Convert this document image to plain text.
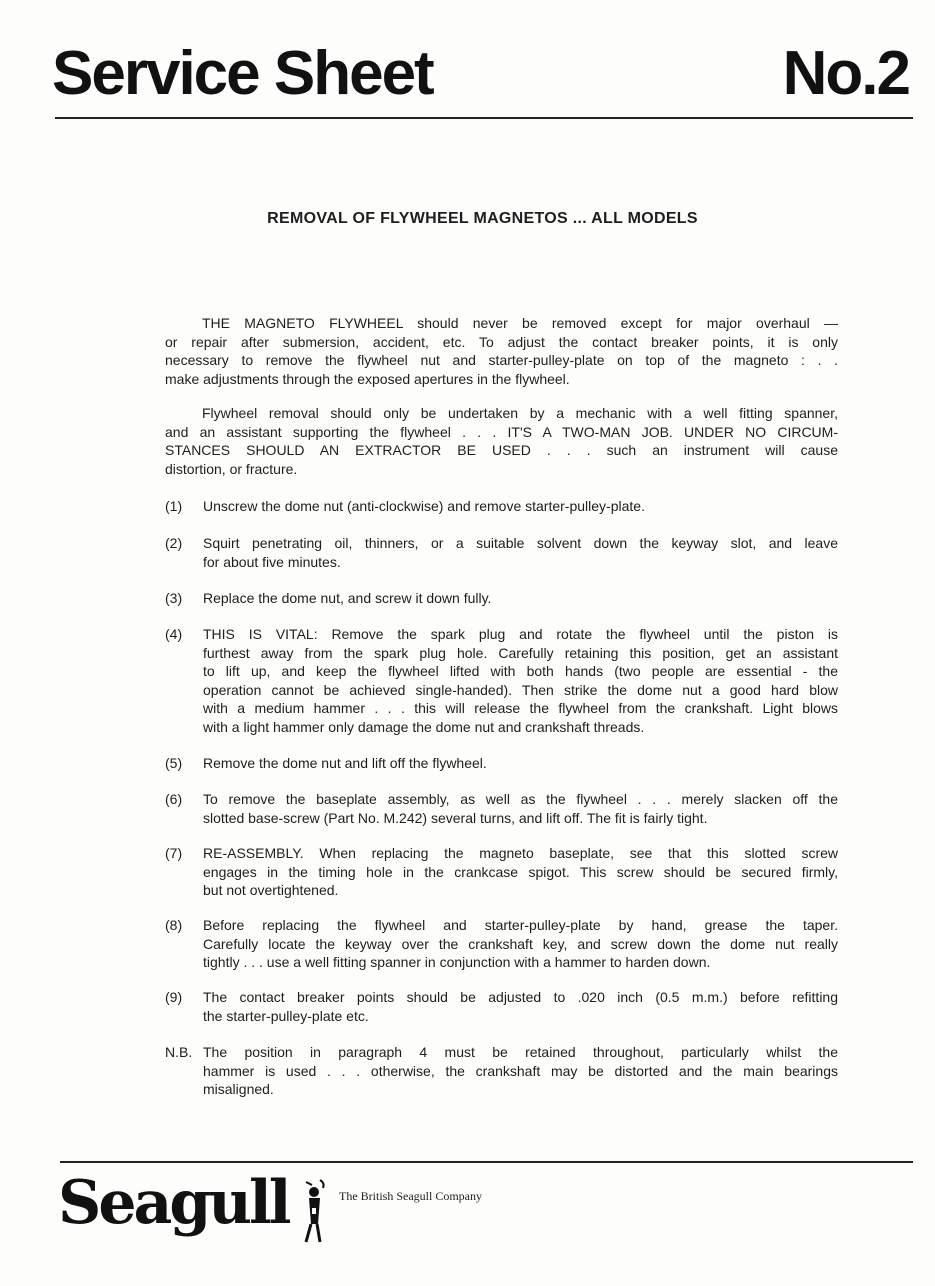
Service Sheet	No.2
REMOVAL OF FLYWHEEL MAGNETOS ... ALL MODELS
THE MAGNETO FLYWHEEL should never be removed except for major overhaul —
or repair after submersion, accident, etc. To adjust the contact breaker points, it is only
necessary to remove the flywheel nut and starter-pulley-plate on top of the magneto : . .
make adjustments through the exposed apertures in the flywheel.
Flywheel removal should only be undertaken by a mechanic with a well fitting spanner,
and an assistant supporting the flywheel . . . IT'S A TWO-MAN JOB. UNDER NO CIRCUM-
STANCES SHOULD AN EXTRACTOR BE USED . . . such an instrument will cause
distortion, or fracture.
(1) Unscrew the dome nut (anti-clockwise) and remove starter-pulley-plate.
(2) Squirt penetrating oil, thinners, or a suitable solvent down the keyway slot, and leave
for about five minutes.
(3) Replace the dome nut, and screw it down fully.
(4) THIS IS VITAL: Remove the spark plug and rotate the flywheel until the piston is
furthest away from the spark plug hole. Carefully retaining this position, get an assistant
to lift up, and keep the flywheel lifted with both hands (two people are essential - the
operation cannot be achieved single-handed). Then strike the dome nut a good hard blow
with a medium hammer . . . this will release the flywheel from the crankshaft. Light blows
with a light hammer only damage the dome nut and crankshaft threads.
(5) Remove the dome nut and lift off the flywheel.
(6) To remove the baseplate assembly, as well as the flywheel . . . merely slacken off the
slotted base-screw (Part No. M.242) several turns, and lift off. The fit is fairly tight.
(7) RE-ASSEMBLY. When replacing the magneto baseplate, see that this slotted screw
engages in the timing hole in the crankcase spigot. This screw should be secured firmly,
but not overtightened.
(8) Before replacing the flywheel and starter-pulley-plate by hand, grease the taper.
Carefully locate the keyway over the crankshaft key, and screw down the dome nut really
tightly . . . use a well fitting spanner in conjunction with a hammer to harden down.
(9) The contact breaker points should be adjusted to .020 inch (0.5 m.m.) before refitting
the starter-pulley-plate etc.
N.B. The position in paragraph 4 must be retained throughout, particularly whilst the
hammer is used . . . otherwise, the crankshaft may be distorted and the main bearings
misaligned.
Seagull	The British Seagull Company
